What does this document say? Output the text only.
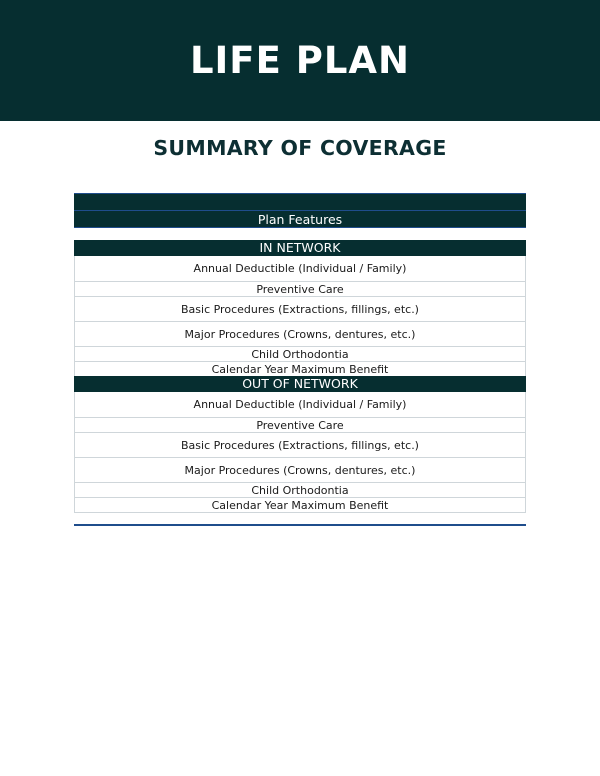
LIFE PLAN
SUMMARY OF COVERAGE
Plan Features
IN NETWORK
Annual Deductible (Individual / Family)
Preventive Care
Basic Procedures (Extractions, fillings, etc.)
Major Procedures (Crowns, dentures, etc.)
Child Orthodontia
Calendar Year Maximum Benefit
OUT OF NETWORK
Annual Deductible (Individual / Family)
Preventive Care
Basic Procedures (Extractions, fillings, etc.)
Major Procedures (Crowns, dentures, etc.)
Child Orthodontia
Calendar Year Maximum Benefit
